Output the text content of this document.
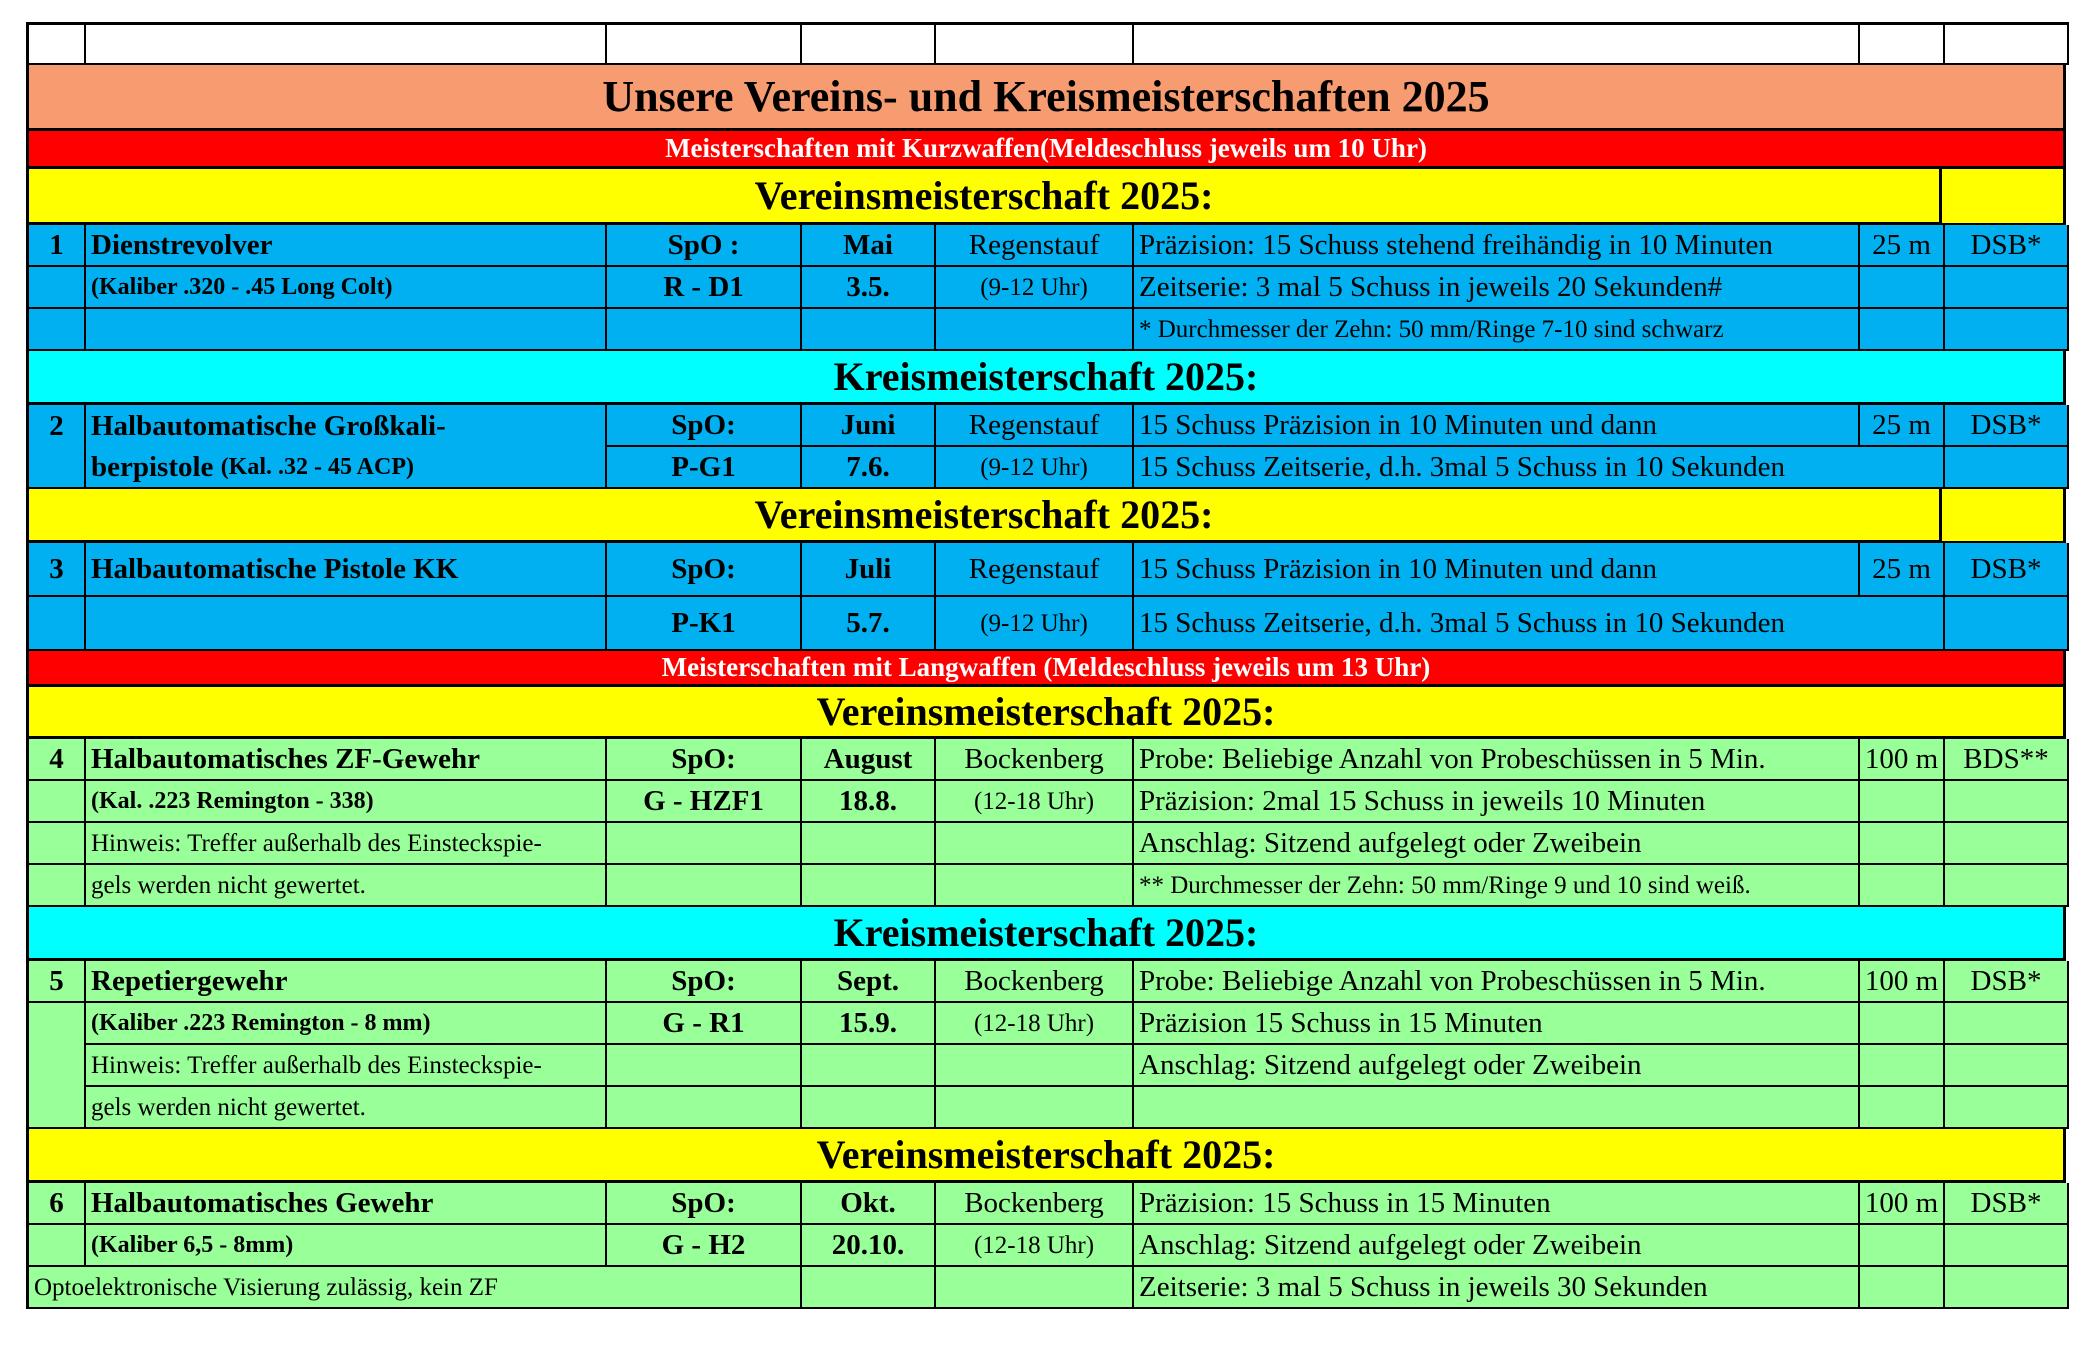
Unsere Vereins- und Kreismeisterschaften 2025
Meisterschaften mit Kurzwaffen(Meldeschluss jeweils um 10 Uhr)
Vereinsmeisterschaft 2025:
1 Dienstrevolver	SpO :	Mai	Regenstauf	Präzision: 15 Schuss stehend freihändig in 10 Minuten	25 m	DSB*
(Kaliber .320 - .45 Long Colt)	R - D1	3.5.	(9-12 Uhr)	Zeitserie: 3 mal 5 Schuss in jeweils 20 Sekunden#
* Durchmesser der Zehn: 50 mm/Ringe 7-10 sind schwarz
Kreismeisterschaft 2025:
2 Halbautomatische Großkali-	SpO:	Juni	Regenstauf	15 Schuss Präzision in 10 Minuten und dann	25 m	DSB*
berpistole
(Kal. .32 - 45 ACP)	P-G1	7.6.	(9-12 Uhr)	15 Schuss Zeitserie, d.h. 3mal 5 Schuss in 10 Sekunden
Vereinsmeisterschaft 2025:
3 Halbautomatische Pistole KK	SpO:	Juli	Regenstauf	15 Schuss Präzision in 10 Minuten und dann	25 m	DSB*
P-K1	5.7.	(9-12 Uhr)	15 Schuss Zeitserie, d.h. 3mal 5 Schuss in 10 Sekunden
Meisterschaften mit Langwaffen (Meldeschluss jeweils um 13 Uhr)
Vereinsmeisterschaft 2025:
4 Halbautomatisches ZF-Gewehr	SpO:	August	Bockenberg	Probe: Beliebige Anzahl von Probeschüssen in 5 Min.	100 m BDS**
(Kal. .223 Remington - 338)	G - HZF1	18.8.	(12-18 Uhr)	Präzision: 2mal 15 Schuss in jeweils 10 Minuten
Hinweis: Treffer außerhalb des Einsteckspie-	Anschlag: Sitzend aufgelegt oder Zweibein
gels werden nicht gewertet.	** Durchmesser der Zehn: 50 mm/Ringe 9 und 10 sind weiß.
Kreismeisterschaft 2025:
5 Repetiergewehr	SpO:	Sept.	Bockenberg	Probe: Beliebige Anzahl von Probeschüssen in 5 Min.	100 m	DSB*
(Kaliber .223 Remington - 8 mm)	G - R1	15.9.	(12-18 Uhr)	Präzision 15 Schuss in 15 Minuten
Hinweis: Treffer außerhalb des Einsteckspie-	Anschlag: Sitzend aufgelegt oder Zweibein
gels werden nicht gewertet.
Vereinsmeisterschaft 2025:
6 Halbautomatisches Gewehr	SpO:	Okt.	Bockenberg	Präzision: 15 Schuss in 15 Minuten	100 m	DSB*
(Kaliber 6,5 - 8mm)	G - H2	20.10.	(12-18 Uhr)	Anschlag: Sitzend aufgelegt oder Zweibein
Optoelektronische Visierung zulässig, kein ZF	Zeitserie: 3 mal 5 Schuss in jeweils 30 Sekunden
